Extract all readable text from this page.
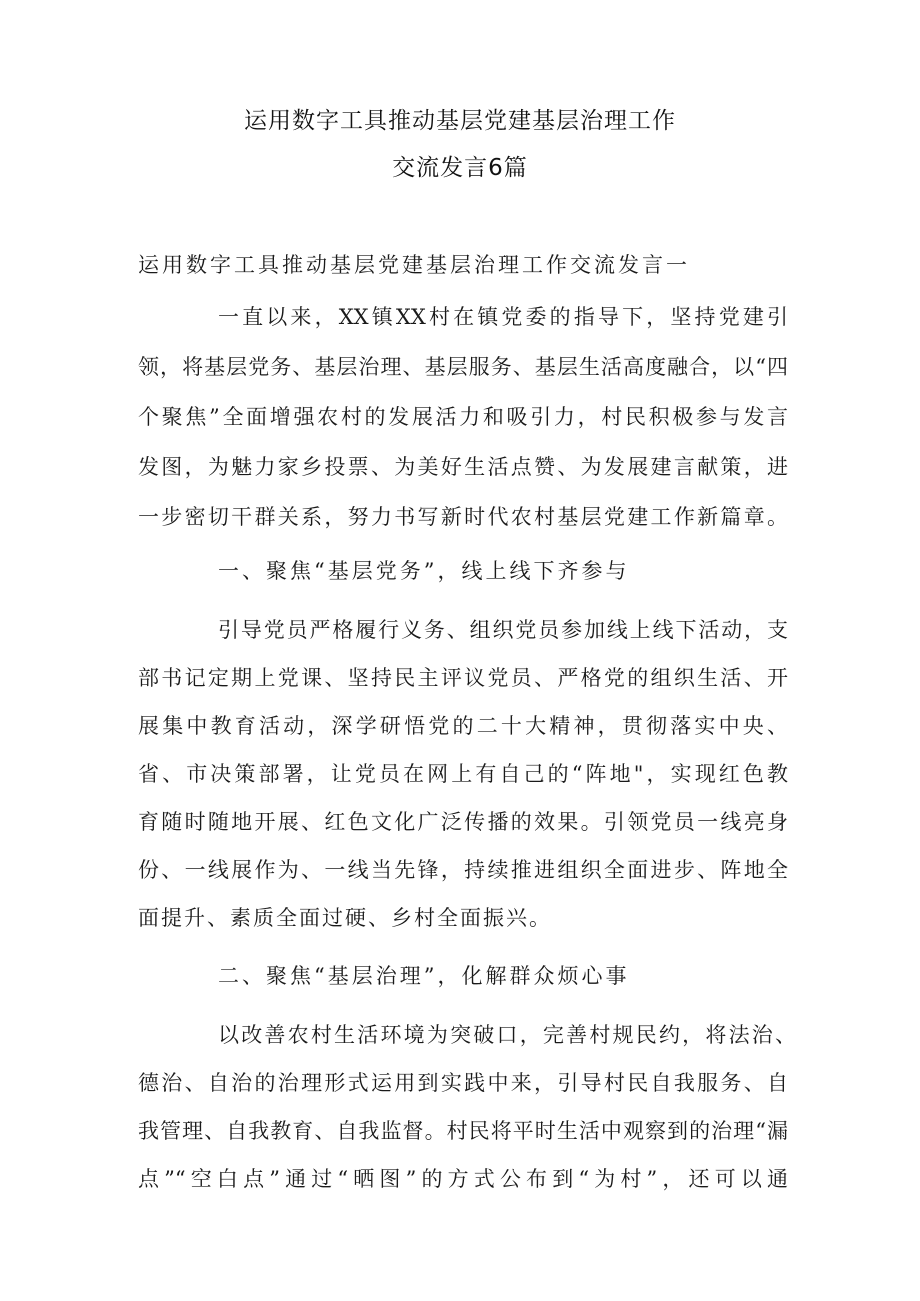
运用数字工具推动基层党建基层治理工作
交流发言6篇
运用数字工具推动基层党建基层治理工作交流发言一
一直以来，XX镇XX村在镇党委的指导下，坚持党建引
领，将基层党务、基层治理、基层服务、基层生活高度融合，以“四
个聚焦”全面增强农村的发展活力和吸引力，村民积极参与发言
发图，为魅力家乡投票、为美好生活点赞、为发展建言献策，进
一步密切干群关系，努力书写新时代农村基层党建工作新篇章。
一、聚焦“基层党务”，线上线下齐参与
引导党员严格履行义务、组织党员参加线上线下活动，支
部书记定期上党课、坚持民主评议党员、严格党的组织生活、开
展集中教育活动，深学研悟党的二十大精神，贯彻落实中央、
省、市决策部署，让党员在网上有自己的“阵地"，实现红色教
育随时随地开展、红色文化广泛传播的效果。引领党员一线亮身
份、一线展作为、一线当先锋，持续推进组织全面进步、阵地全
面提升、素质全面过硬、乡村全面振兴。
二、聚焦“基层治理”，化解群众烦心事
以改善农村生活环境为突破口，完善村规民约，将法治、
德治、自治的治理形式运用到实践中来，引导村民自我服务、自
我管理、自我教育、自我监督。村民将平时生活中观察到的治理“漏
点”“空白点”通过“晒图”的方式公布到“为村”，还可以通
